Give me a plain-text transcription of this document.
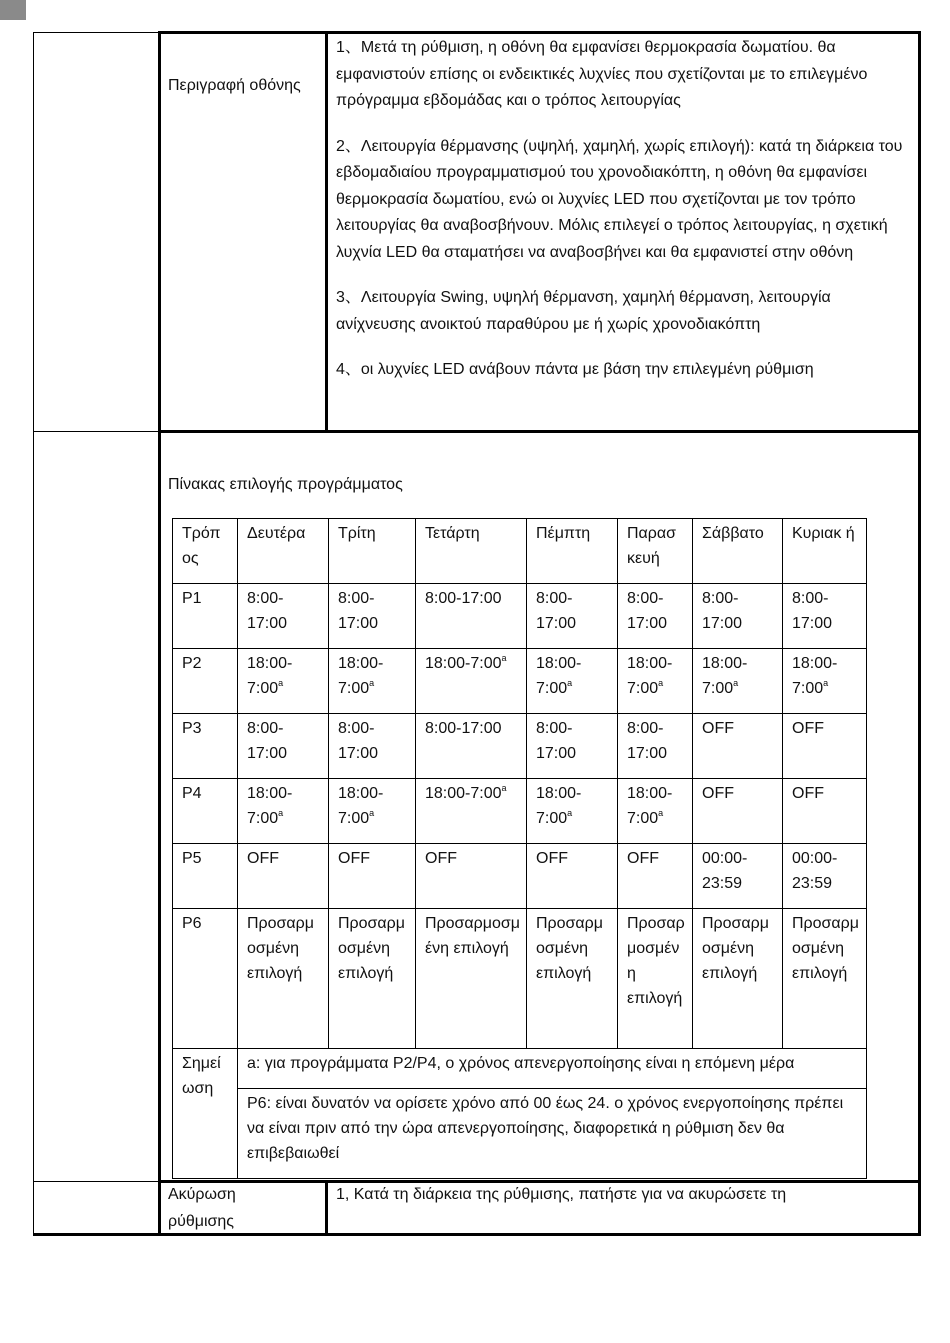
Περιγραφή οθόνης

1、Μετά τη ρύθμιση, η οθόνη θα εμφανίσει θερμοκρασία δωματίου. θα εμφανιστούν επίσης οι ενδεικτικές λυχνίες που σχετίζονται με το επιλεγμένο πρόγραμμα εβδομάδας και ο τρόπος λειτουργίας

2、Λειτουργία θέρμανσης (υψηλή, χαμηλή, χωρίς επιλογή): κατά τη διάρκεια του εβδομαδιαίου προγραμματισμού του χρονοδιακόπτη, η οθόνη θα εμφανίσει θερμοκρασία δωματίου, ενώ οι λυχνίες LED που σχετίζονται με τον τρόπο λειτουργίας θα αναβοσβήνουν. Μόλις επιλεγεί ο τρόπος λειτουργίας, η σχετική λυχνία LED θα σταματήσει να αναβοσβήνει και θα εμφανιστεί στην οθόνη

3、Λειτουργία Swing, υψηλή θέρμανση, χαμηλή θέρμανση, λειτουργία ανίχνευσης ανοικτού παραθύρου με ή χωρίς χρονοδιακόπτη

4、οι λυχνίες LED ανάβουν πάντα με βάση την επιλεγμένη ρύθμιση

Πίνακας επιλογής προγράμματος
Τρόπ ος	Δευτέρα	Τρίτη	Τετάρτη	Πέμπτη	Παρασ κευή	Σάββατο	Κυριακ ή
P1	8:00-17:00	8:00-17:00	8:00-17:00	8:00-17:00	8:00-17:00	8:00-17:00	8:00-17:00
P2	18:00-7:00$^a$	18:00-7:00$^a$	18:00-7:00$^a$	18:00-7:00$^a$	18:00-7:00$^a$	18:00-7:00$^a$	18:00-7:00$^a$
P3	8:00-17:00	8:00-17:00	8:00-17:00	8:00-17:00	8:00-17:00	OFF	OFF
P4	18:00-7:00$^a$	18:00-7:00$^a$	18:00-7:00$^a$	18:00-7:00$^a$	18:00-7:00$^a$	OFF	OFF
P5	OFF	OFF	OFF	OFF	OFF	00:00-23:59	00:00-23:59
P6	Προσαρμοσμένη επιλογή	Προσαρμοσμένη επιλογή	Προσαρμοσμένη επιλογή	Προσαρμοσμένη επιλογή	Προσαρμοσμένη επιλογή	Προσαρμοσμένη επιλογή	Προσαρμοσμένη επιλογή
Σημεί ωση	a: για προγράμματα P2/P4, ο χρόνος απενεργοποίησης είναι η επόμενη μέρα						
	P6: είναι δυνατόν να ορίσετε χρόνο από 00 έως 24. ο χρόνος ενεργοποίησης πρέπει να είναι πριν από την ώρα απενεργοποίησης, διαφορετικά η ρύθμιση δεν θα επιβεβαιωθεί						
Ακύρωση ρύθμισης
1, Κατά τη διάρκεια της ρύθμισης, πατήστε για να ακυρώσετε τη
